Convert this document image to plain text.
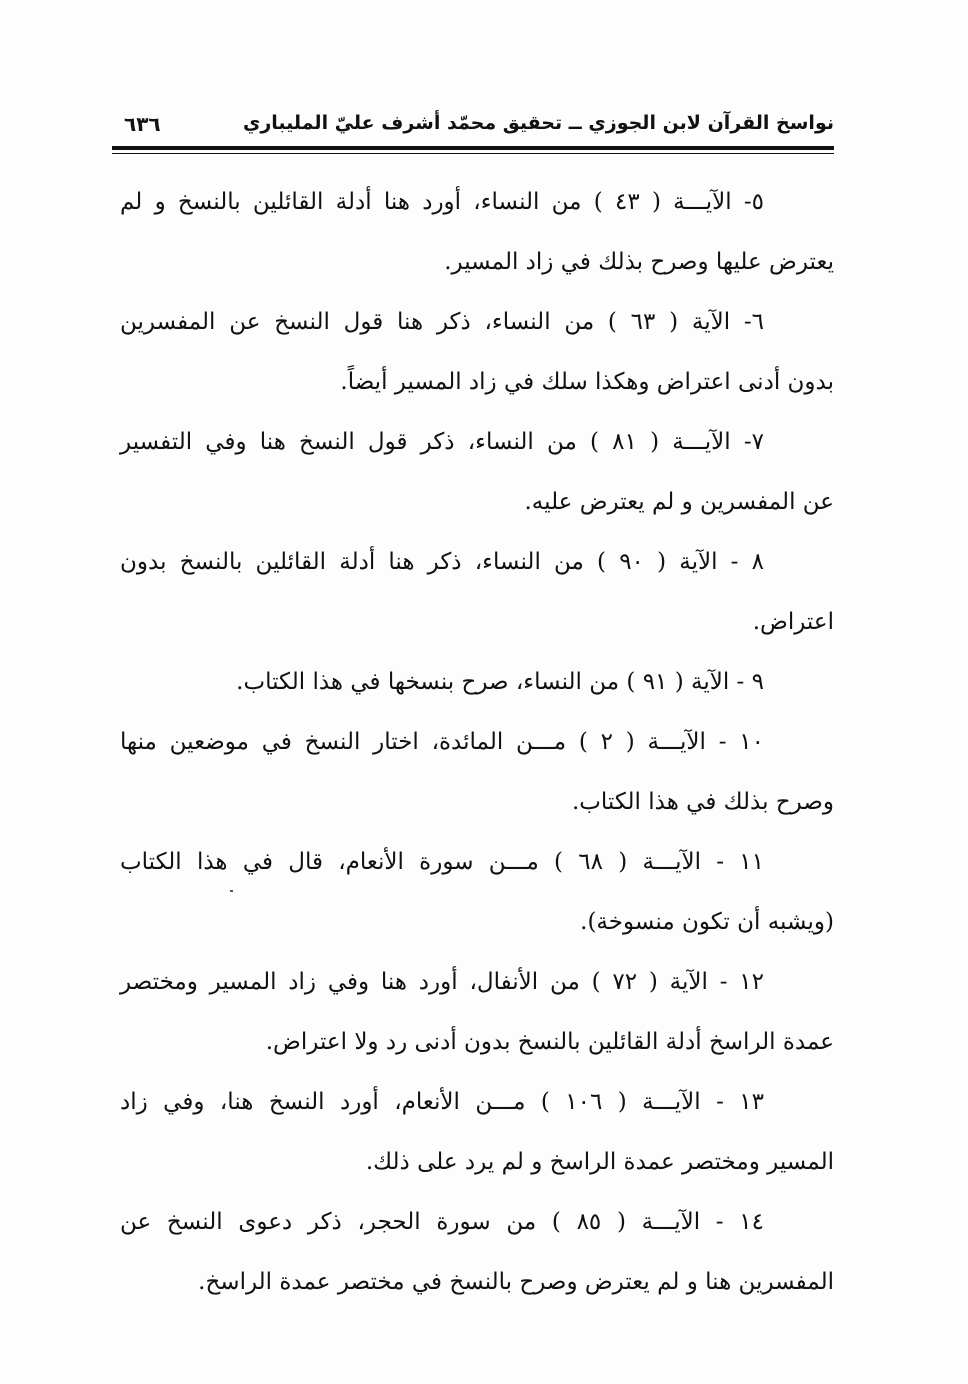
نواسخ القرآن لابن الجوزي ــ تحقيق محمّد أشرف عليّ المليباري
٦٣٦

٥- الآيـــة ( ٤٣ ) من النساء، أورد هنا أدلة القائلين بالنسخ و لم
يعترض عليها وصرح بذلك في زاد المسير.

٦- الآية ( ٦٣ ) من النساء، ذكر هنا قول النسخ عن المفسرين
بدون أدنى اعتراض وهكذا سلك في زاد المسير أيضاً.

٧- الآيـــة ( ٨١ ) من النساء، ذكر قول النسخ هنا وفي التفسير
عن المفسرين و لم يعترض عليه.

٨ - الآية ( ٩٠ ) من النساء، ذكر هنا أدلة القائلين بالنسخ بدون
اعتراض.

٩ - الآية ( ٩١ ) من النساء، صرح بنسخها في هذا الكتاب.

١٠ - الآيـــة ( ٢ ) مـــن المائدة، اختار النسخ في موضعين منها
وصرح بذلك في هذا الكتاب.

١١ - الآيـــة ( ٦٨ ) مـــن سورة الأنعام، قال في هذا الكتاب
(ويشبه أن تكون منسوخة).

١٢ - الآية ( ٧٢ ) من الأنفال، أورد هنا وفي زاد المسير ومختصر
عمدة الراسخ أدلة القائلين بالنسخ بدون أدنى رد ولا اعتراض.

١٣ - الآيـــة ( ١٠٦ ) مـــن الأنعام، أورد النسخ هنا، وفي زاد
المسير ومختصر عمدة الراسخ و لم يرد على ذلك.

١٤ - الآيـــة ( ٨٥ ) من سورة الحجر، ذكر دعوى النسخ عن
المفسرين هنا و لم يعترض وصرح بالنسخ في مختصر عمدة الراسخ.
